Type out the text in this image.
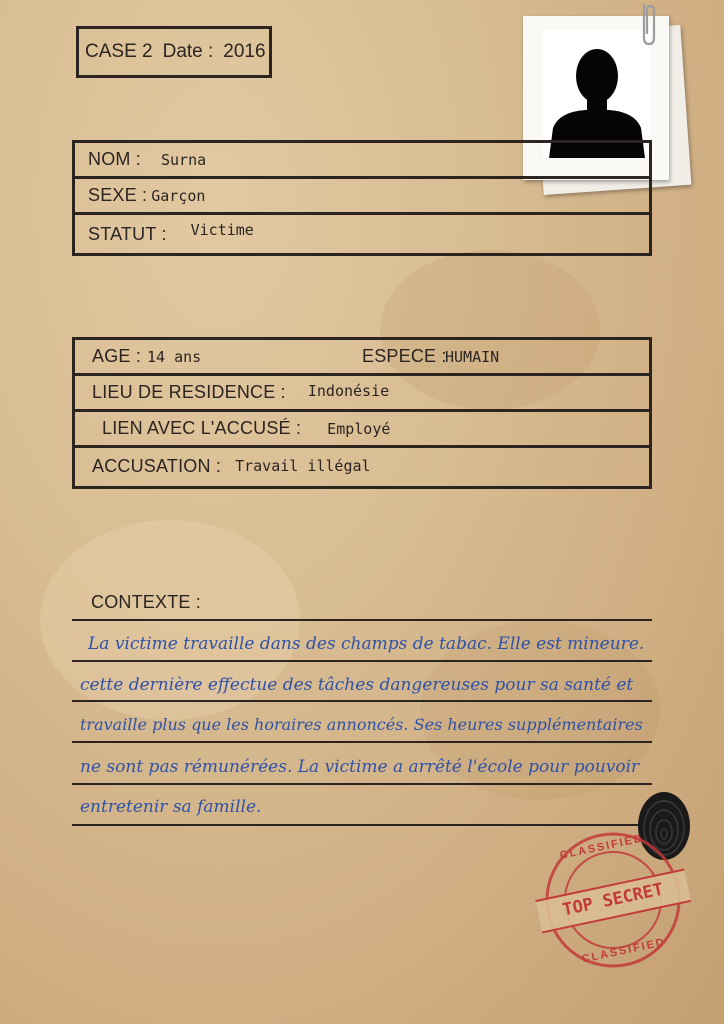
CASE 2 Date : 2016
NOM : Surna
SEXE : Garçon
STATUT : Victime
AGE : 14 ans	ESPECE :
HUMAIN
LIEU DE RESIDENCE : Indonésie
LIEN AVEC L'ACCUSÉ : Employé
ACCUSATION : Travail illégal
CONTEXTE :
La victime travaille dans des champs de tabac. Elle est mineure.
cette dernière effectue des tâches dangereuses pour sa santé et
travaille plus que les horaires annoncés. Ses heures supplémentaires
ne sont pas rémunérées. La victime a arrêté l'école pour pouvoir
entretenir sa famille.
CLASSIFIED
TOP SECRET
CLASSIFIED
